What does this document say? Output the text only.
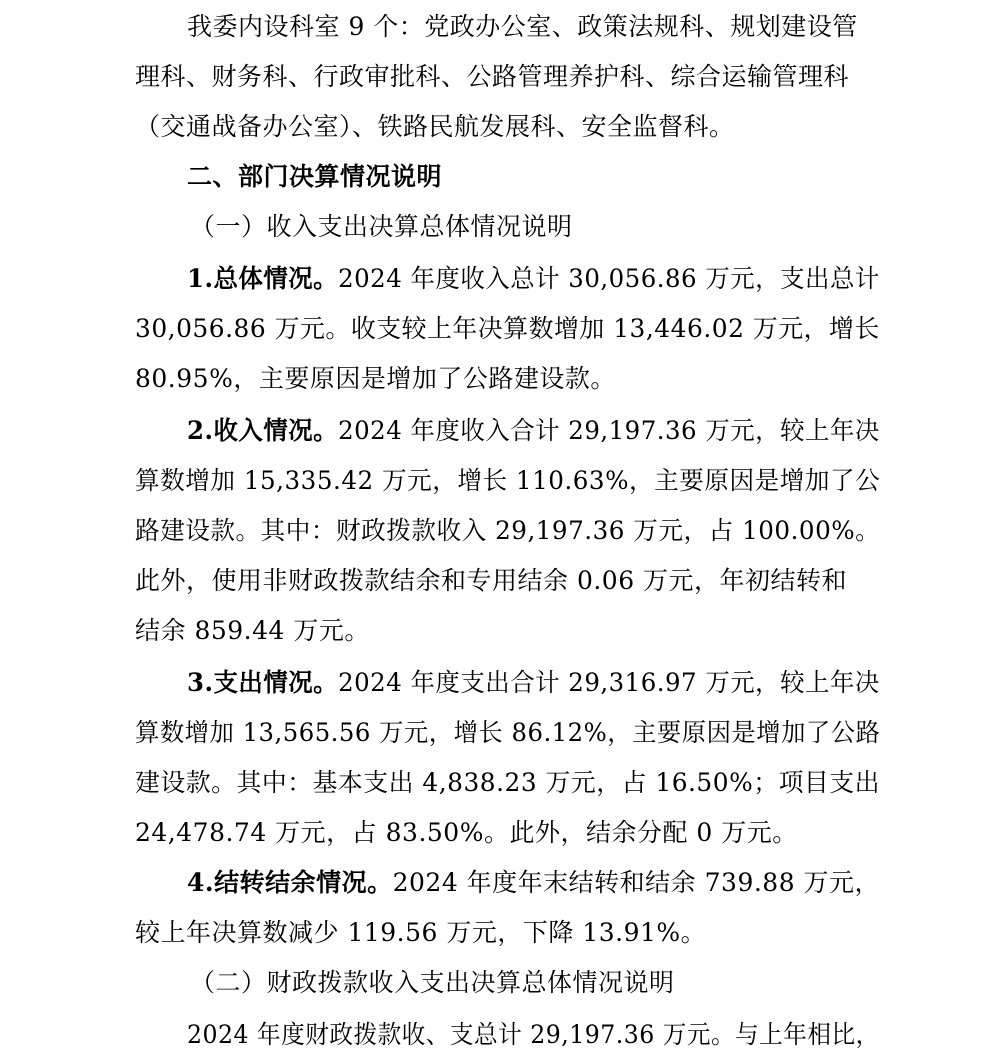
我委内设科室 9 个：党政办公室、政策法规科、规划建设管
理科、财务科、行政审批科、公路管理养护科、综合运输管理科
（交通战备办公室）、铁路民航发展科、安全监督科。
二、部门决算情况说明
（一）收入支出决算总体情况说明
1.总体情况。2024 年度收入总计 30,056.86 万元，支出总计
30,056.86 万元。收支较上年决算数增加 13,446.02 万元，增长
80.95%，主要原因是增加了公路建设款。
2.收入情况。2024 年度收入合计 29,197.36 万元，较上年决
算数增加 15,335.42 万元，增长 110.63%，主要原因是增加了公
路建设款。其中：财政拨款收入 29,197.36 万元，占 100.00%。
此外，使用非财政拨款结余和专用结余 0.06 万元，年初结转和
结余 859.44 万元。
3.支出情况。2024 年度支出合计 29,316.97 万元，较上年决
算数增加 13,565.56 万元，增长 86.12%，主要原因是增加了公路
建设款。其中：基本支出 4,838.23 万元，占 16.50%；项目支出
24,478.74 万元，占 83.50%。此外，结余分配 0 万元。
4.结转结余情况。2024 年度年末结转和结余 739.88 万元，
较上年决算数减少 119.56 万元，下降 13.91%。
（二）财政拨款收入支出决算总体情况说明
2024 年度财政拨款收、支总计 29,197.36 万元。与上年相比，
